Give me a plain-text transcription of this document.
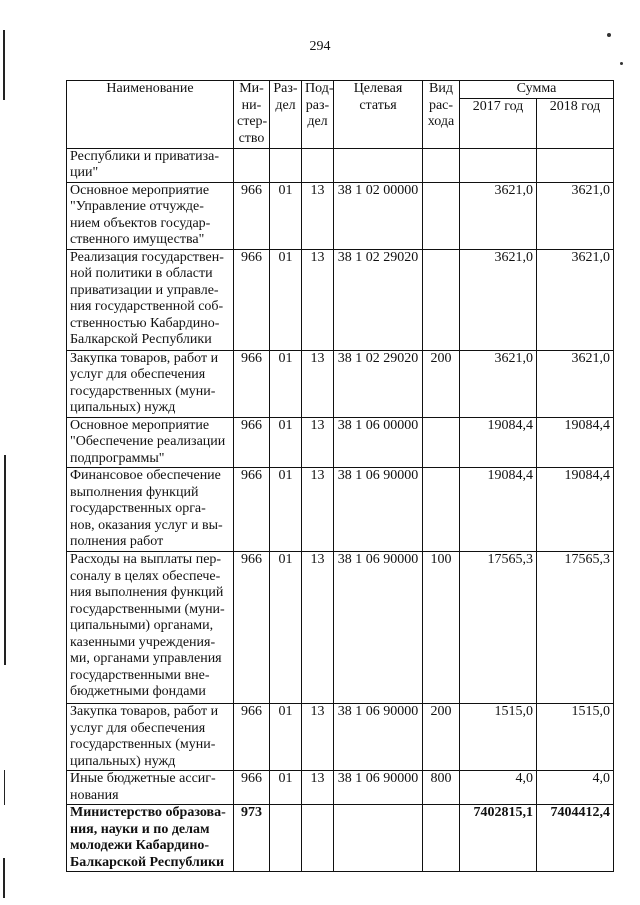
294
Наименование	Ми-ни-стер-ство	Раз-дел	Под-раз-дел	Целевая статья	Вид рас-хода	Сумма	
						2017 год	2018 год
Республики и приватиза-ции"							
Основное мероприятие "Управление отчужде-нием объектов государ-ственного имущества"	966	01	13	38 1 02 00000		3621,0	3621,0
Реализация государствен-ной политики в области приватизации и управле-ния государственной соб-ственностью Кабардино-Балкарской Республики	966	01	13	38 1 02 29020		3621,0	3621,0
Закупка товаров, работ и услуг для обеспечения государственных (муни-ципальных) нужд	966	01	13	38 1 02 29020	200	3621,0	3621,0
Основное мероприятие "Обеспечение реализации подпрограммы"	966	01	13	38 1 06 00000		19084,4	19084,4
Финансовое обеспечение выполнения функций государственных орга-нов, оказания услуг и вы-полнения работ	966	01	13	38 1 06 90000		19084,4	19084,4
Расходы на выплаты пер-соналу в целях обеспече-ния выполнения функций государственными (муни-ципальными) органами, казенными учреждения-ми, органами управления государственными вне-бюджетными фондами	966	01	13	38 1 06 90000	100	17565,3	17565,3
Закупка товаров, работ и услуг для обеспечения государственных (муни-ципальных) нужд	966	01	13	38 1 06 90000	200	1515,0	1515,0
Иные бюджетные ассиг-нования	966	01	13	38 1 06 90000	800	4,0	4,0
Министерство образова-ния, науки и по делам молодежи Кабардино-Балкарской Республики	973					7402815,1	7404412,4
